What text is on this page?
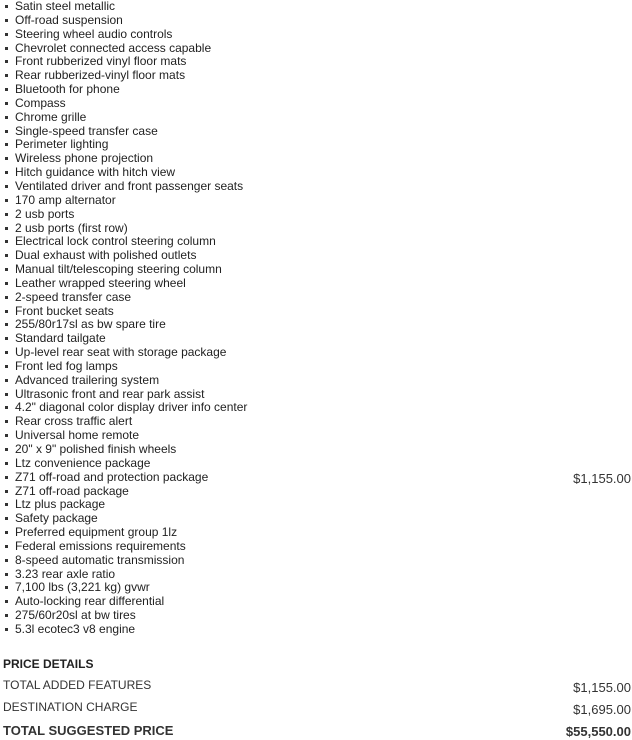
Satin steel metallic
Off-road suspension
Steering wheel audio controls
Chevrolet connected access capable
Front rubberized vinyl floor mats
Rear rubberized-vinyl floor mats
Bluetooth for phone
Compass
Chrome grille
Single-speed transfer case
Perimeter lighting
Wireless phone projection
Hitch guidance with hitch view
Ventilated driver and front passenger seats
170 amp alternator
2 usb ports
2 usb ports (first row)
Electrical lock control steering column
Dual exhaust with polished outlets
Manual tilt/telescoping steering column
Leather wrapped steering wheel
2-speed transfer case
Front bucket seats
255/80r17sl as bw spare tire
Standard tailgate
Up-level rear seat with storage package
Front led fog lamps
Advanced trailering system
Ultrasonic front and rear park assist
4.2" diagonal color display driver info center
Rear cross traffic alert
Universal home remote
20" x 9" polished finish wheels
Ltz convenience package
Z71 off-road and protection package	$1,155.00
Z71 off-road package
Ltz plus package
Safety package
Preferred equipment group 1lz
Federal emissions requirements
8-speed automatic transmission
3.23 rear axle ratio
7,100 lbs (3,221 kg) gvwr
Auto-locking rear differential
275/60r20sl at bw tires
5.3l ecotec3 v8 engine
PRICE DETAILS
TOTAL ADDED FEATURES	$1,155.00
DESTINATION CHARGE	$1,695.00
TOTAL SUGGESTED PRICE	$55,550.00
